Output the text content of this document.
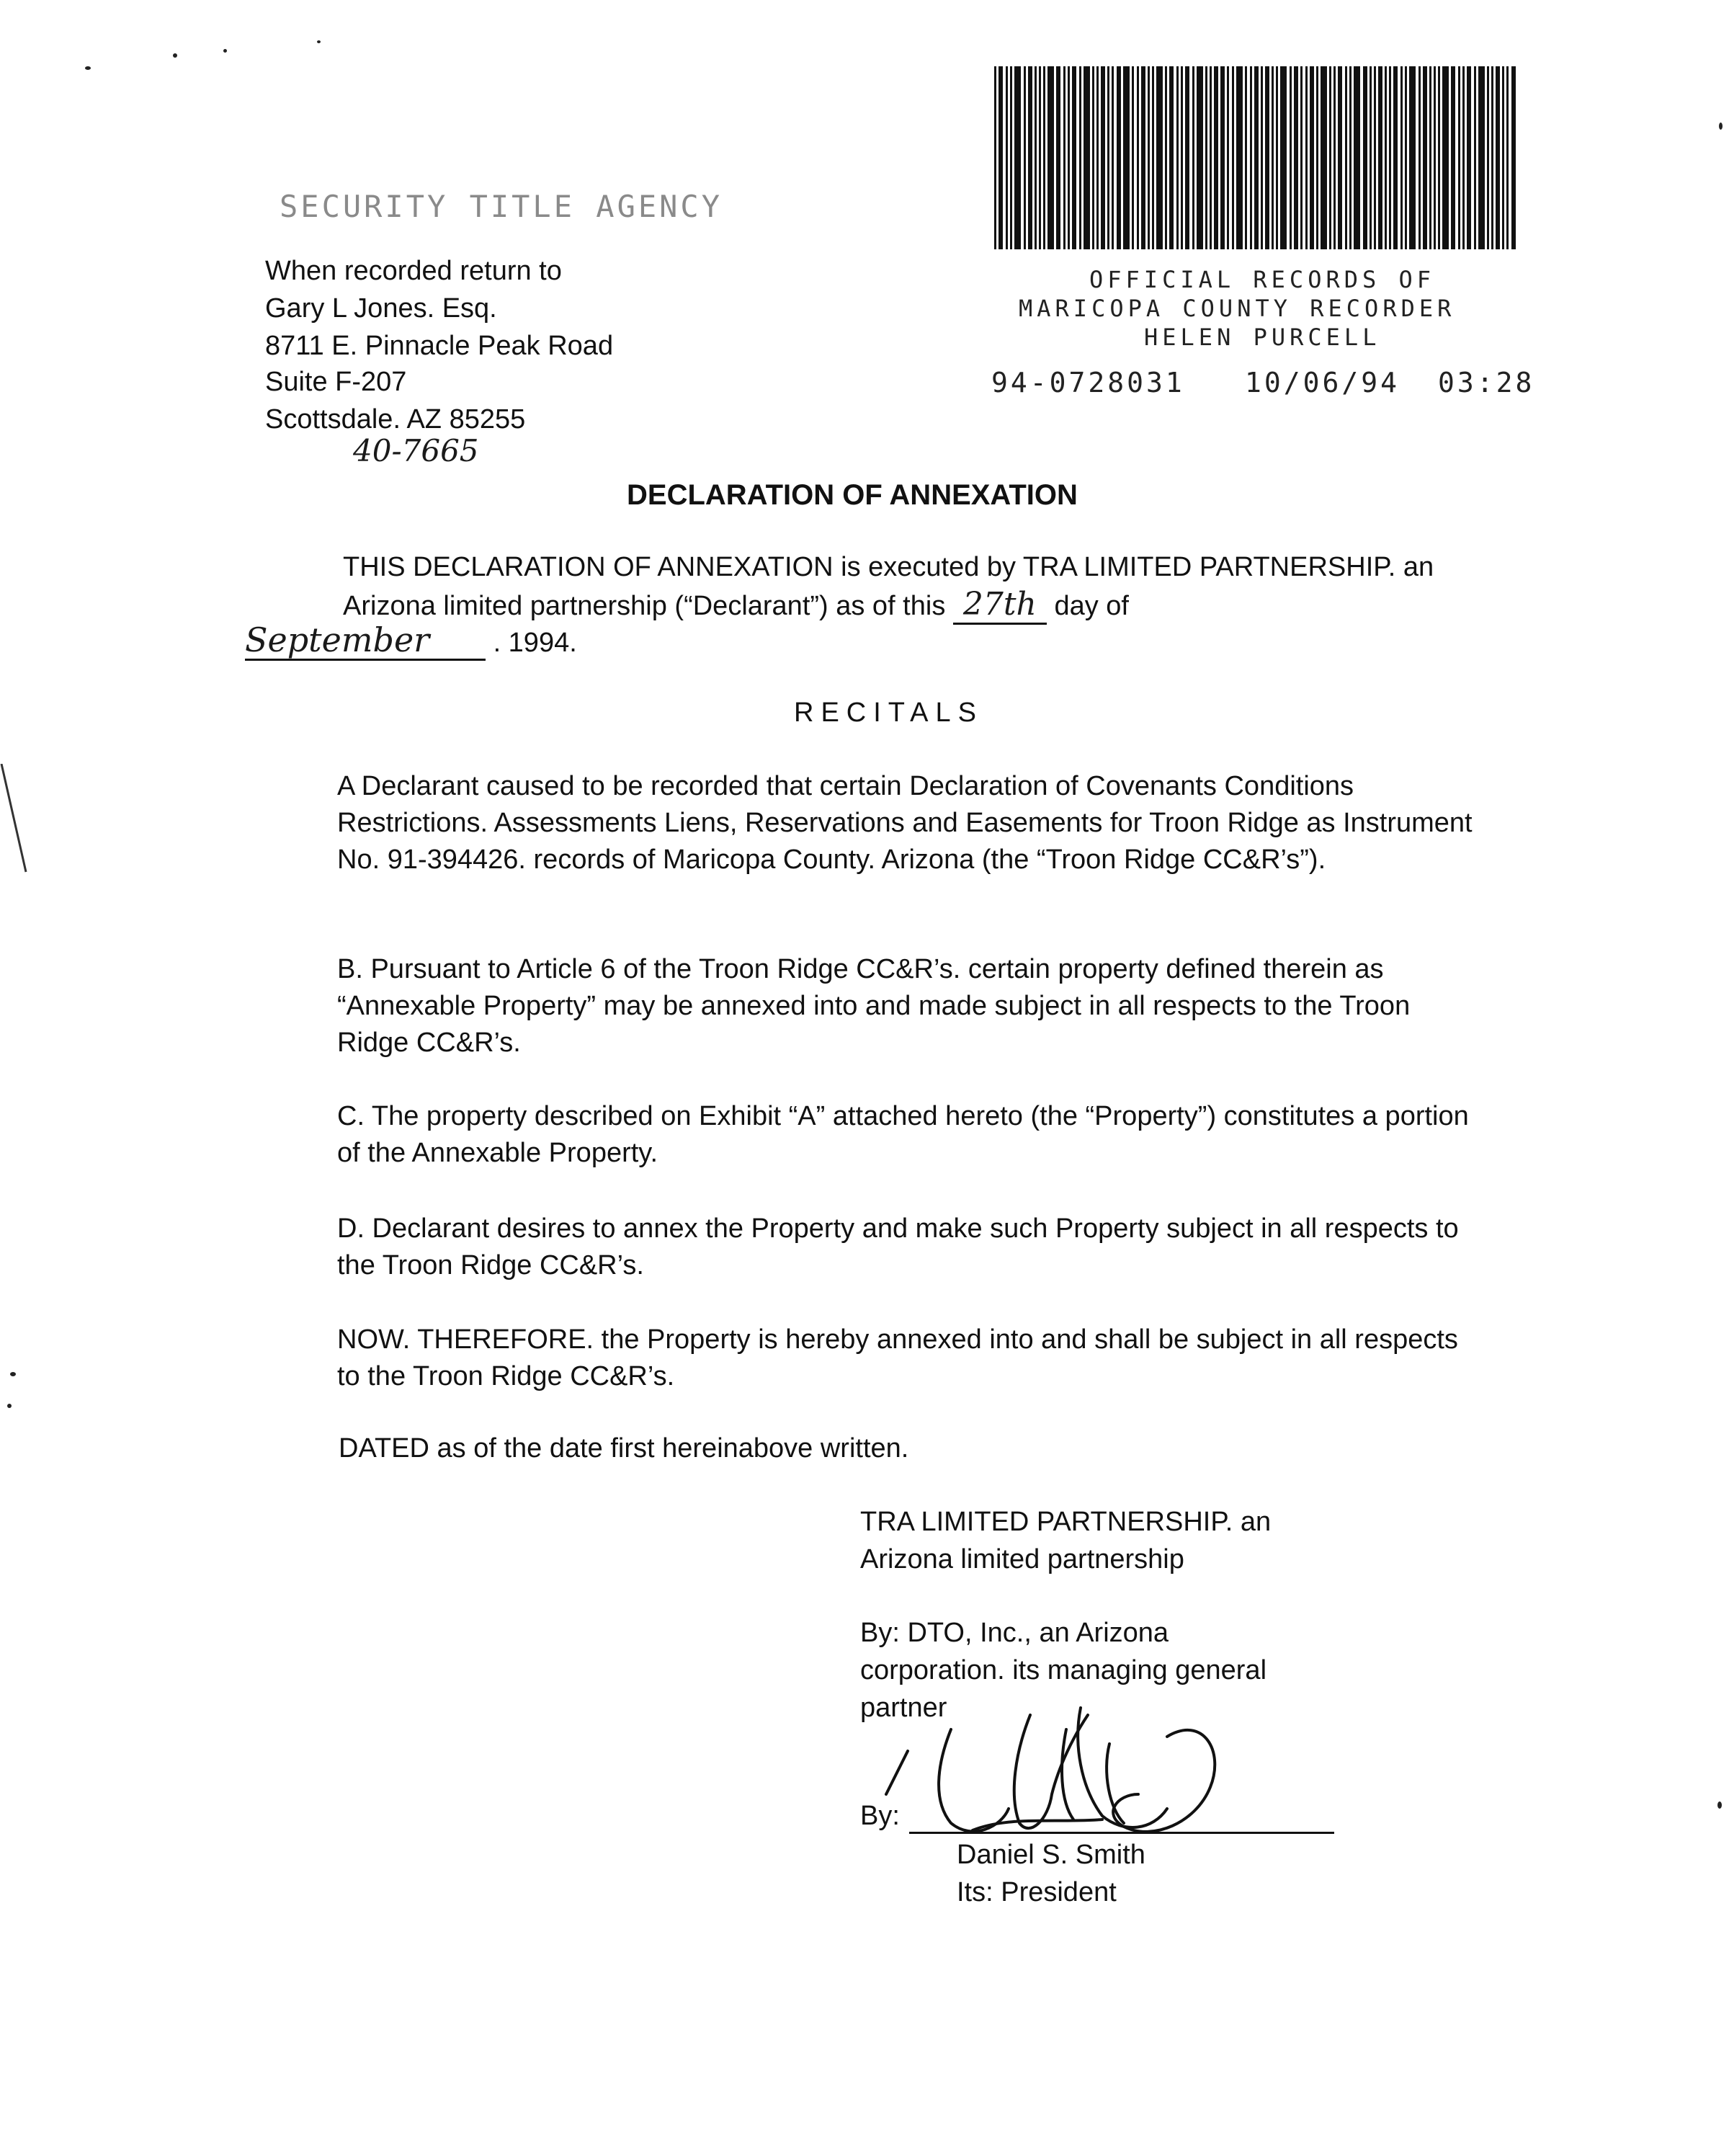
SECURITY TITLE AGENCY
When recorded return to
Gary L Jones. Esq.
8711 E. Pinnacle Peak Road
Suite F-207
Scottsdale. AZ 85255
40-7665
OFFICIAL RECORDS OF
MARICOPA COUNTY RECORDER
HELEN PURCELL
94-0728031 10/06/94 03:28
DECLARATION OF ANNEXATION
THIS DECLARATION OF ANNEXATION is executed by TRA LIMITED PARTNERSHIP. an Arizona limited partnership (“Declarant”) as of this 27th day of
September . 1994.
RECITALS
A Declarant caused to be recorded that certain Declaration of Covenants Conditions Restrictions. Assessments Liens, Reservations and Easements for Troon Ridge as Instrument No. 91-394426. records of Maricopa County. Arizona (the “Troon Ridge CC&R’s”).
B. Pursuant to Article 6 of the Troon Ridge CC&R’s. certain property defined therein as “Annexable Property” may be annexed into and made subject in all respects to the Troon Ridge CC&R’s.
C. The property described on Exhibit “A” attached hereto (the “Property”) constitutes a portion of the Annexable Property.
D. Declarant desires to annex the Property and make such Property subject in all respects to the Troon Ridge CC&R’s.
NOW. THEREFORE. the Property is hereby annexed into and shall be subject in all respects to the Troon Ridge CC&R’s.
DATED as of the date first hereinabove written.
TRA LIMITED PARTNERSHIP. an
Arizona limited partnership
By: DTO, Inc., an Arizona
corporation. its managing general
partner
By:
Daniel S. Smith
Its: President
